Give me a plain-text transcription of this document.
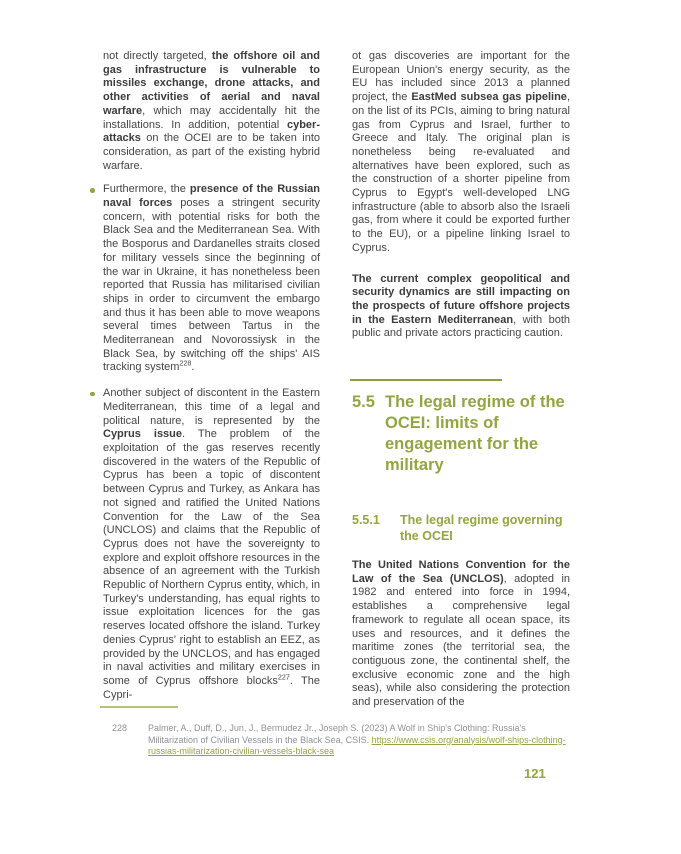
not directly targeted, the offshore oil and gas infrastructure is vulnerable to missiles exchange, drone attacks, and other activities of aerial and naval warfare, which may accidentally hit the installations. In addition, potential cyber-attacks on the OCEI are to be taken into consideration, as part of the existing hybrid warfare.

Furthermore, the presence of the Russian naval forces poses a stringent security concern, with potential risks for both the Black Sea and the Mediterranean Sea. With the Bosporus and Dardanelles straits closed for military vessels since the beginning of the war in Ukraine, it has nonetheless been reported that Russia has militarised civilian ships in order to circumvent the embargo and thus it has been able to move weapons several times between Tartus in the Mediterranean and Novorossiysk in the Black Sea, by switching off the ships' AIS tracking system$^{228}$.
Another subject of discontent in the Eastern Mediterranean, this time of a legal and political nature, is represented by the Cyprus issue. The problem of the exploitation of the gas reserves recently discovered in the waters of the Republic of Cyprus has been a topic of discontent between Cyprus and Turkey, as Ankara has not signed and ratified the United Nations Convention for the Law of the Sea (UNCLOS) and claims that the Republic of Cyprus does not have the sovereignty to explore and exploit offshore resources in the absence of an agreement with the Turkish Republic of Northern Cyprus entity, which, in Turkey's understanding, has equal rights to issue exploitation licences for the gas reserves located offshore the island. Turkey denies Cyprus' right to establish an EEZ, as provided by the UNCLOS, and has engaged in naval activities and military exercises in some of Cyprus offshore blocks$^{227}$. The Cypri-

ot gas discoveries are important for the European Union's energy security, as the EU has included since 2013 a planned project, the EastMed subsea gas pipeline, on the list of its PCIs, aiming to bring natural gas from Cyprus and Israel, further to Greece and Italy. The original plan is nonetheless being re-evaluated and alternatives have been explored, such as the construction of a shorter pipeline from Cyprus to Egypt's well-developed LNG infrastructure (able to absorb also the Israeli gas, from where it could be exported further to the EU), or a pipeline linking Israel to Cyprus.

The current complex geopolitical and security dynamics are still impacting on the prospects of future offshore projects in the Eastern Mediterranean, with both public and private actors practicing caution.

5.5 The legal regime of the OCEI: limits of engagement for the military
5.5.1	The legal regime governing the OCEI

The United Nations Convention for the Law of the Sea (UNCLOS), adopted in 1982 and entered into force in 1994, establishes a comprehensive legal framework to regulate all ocean space, its uses and resources, and it defines the maritime zones (the territorial sea, the contiguous zone, the continental shelf, the exclusive economic zone and the high seas), while also considering the protection and preservation of the

228	Palmer, A., Duff, D., Jun, J., Bermudez Jr., Joseph S. (2023) A Wolf in Ship's Clothing: Russia's Militarization of Civilian Vessels in the Black Sea, CSIS. https://www.csis.org/analysis/wolf-ships-clothing-russias-militarization-civilian-vessels-black-sea
121
